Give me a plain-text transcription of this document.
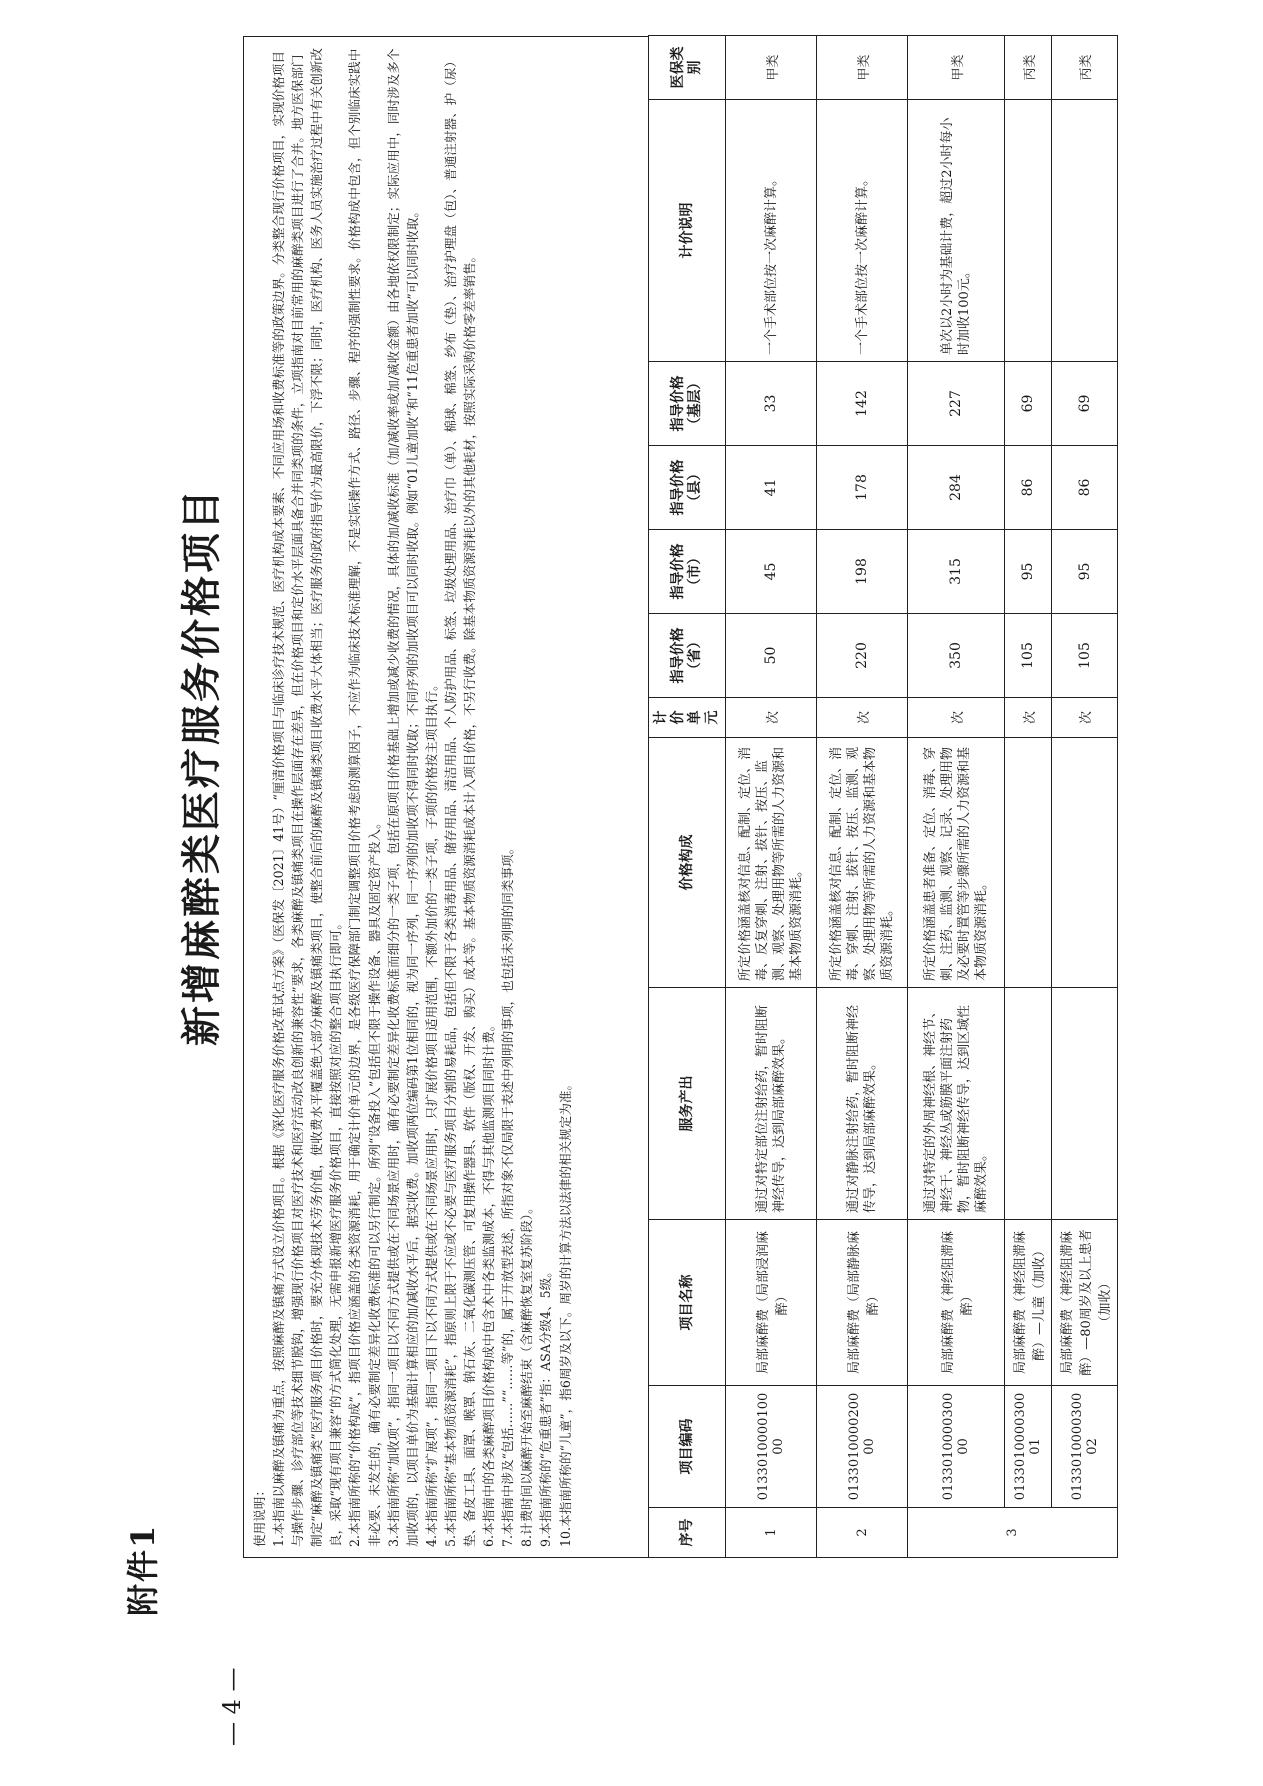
附件1
— 4 —
新增麻醉类医疗服务价格项目

使用说明： 1.本指南以麻醉及镇痛为重点，按照麻醉及镇痛方式设立价格项目。根据《深化医疗服务价格改革试点方案》（医保发〔2021〕41号）“厘清价格项目与临床诊疗技术规范、医疗机构成本要素、不同应用场和收费标准等的政策边界。分类整合现行价格项目，实现价格项目与操作步骤、诊疗部位等技术细节脱钩，增强现行价格项目对医疗技术和医疗活动改良创新的兼容性”要求，各类麻醉及镇痛类项目在操作层面存在差异，但在价格项目和定价水平层面具备合并同类项的条件，立项指南对目前常用的麻醉类项目进行了合并。地方医保部门制定“麻醉及镇痛类”医疗服务项目价格时，要充分体现技术劳务价值，使收费水平覆盖绝大部分麻醉及镇痛类项目，使整合前后的麻醉及镇痛类项目收费水平大体相当；医疗服务的政府指导价为最高限价，下浮不限；同时，医疗机构、医务人员实施治疗过程中有关创新改良，采取“现有项目兼容”的方式简化处理，无需申报新增医疗服务价格项目，直接按照对应的整合项目执行即可。 2.本指南所称的“价格构成”，指项目价格应涵盖的各类资源消耗，用于确定计价单元的边界，是各级医疗保障部门制定调整项目价格考虑的测算因子，不应作为临床技术标准理解，不是实际操作方式、路径、步骤、程序的强制性要求。价格构成中包含，但个别临床实践中非必要、未发生的，确有必要制定差异化收费标准的可以另行制定。所列“设备投入”包括但不限于操作设备、器具及固定资产投入。 3.本指南所称“加收项”，指同一项目以不同方式提供或在不同场景应用时，确有必要制定差异化收费标准而细分的一类子项，包括在原项目价格基础上增加或减少收费的情况，具体的加/减收标准（加/减收率或加/减收金额）由各地依权限制定；实际应用中，同时涉及多个加收项的，以项目单价为基础计算相应的加/减收水平后，据实收费。加收项两位编码第1位相同的，视为同一序列，同一序列的加收项不得同时收取；不同序列的加收项目可以同时收取。例如“01儿童加收”和“11危重患者加收”可以同时收取。 4.本指南所称“扩展项”，指同一项目下以不同方式提供或在不同场景应用时，只扩展价格项目适用范围，不额外加价的一类子项，子项的价格按主项目执行。 5.本指南所称“基本物质资源消耗”，指原则上限于不应或不必要与医疗服务项目分割的易耗品，包括但不限于各类消毒用品、储存用品、清洁用品、个人防护用品、标签、垃圾处理用品、治疗巾（单）、棉球、棉签、纱布（垫）、治疗护理盘（包）、普通注射器、护（尿）垫、备皮工具、面罩、喉罩、钠石灰、二氧化碳测压管、可复用操作器具、软件（版权、开发、购买）成本等。基本物质资源消耗成本计入项目价格，不另行收费。除基本物质资源消耗以外的其他耗材，按照实际采购价格零差率销售。 6.本指南中的各类麻醉项目价格构成中包含术中各类监测成本，不得与其他监测项目同时计费。 7.本指南中涉及“包括……”“……等”的，属于开放型表述，所指对象不仅局限于表述中列明的事项，也包括未列明的同类事项。 8.计费时间以麻醉开始至麻醉结束（含麻醉恢复室复苏阶段）。 9.本指南所称的“危重患者”指：ASA分级4、5级。 10.本指南所称的“儿童”，指6周岁及以下。周岁的计算方法以法律的相关规定为准。	序号	项目编码	项目名称	服务产出	价格构成	计价单元	指导价格（省）	指导价格（市）	指导价格（县）	指导价格（基层）	计价说明	医保类别
1	013301000010000	局部麻醉费（局部浸润麻醉）	通过对特定部位注射给药，暂时阻断神经传导，达到局部麻醉效果。	所定价格涵盖核对信息、配制、定位、消毒、反复穿刺、注射、拔针、按压、监测、观察、处理用物等所需的人力资源和基本物质资源消耗。	次	50	45	41	33	一个手术部位按一次麻醉计算。	甲类
2	013301000020000	局部麻醉费（局部静脉麻醉）	通过对静脉注射给药，暂时阻断神经传导，达到局部麻醉效果。	所定价格涵盖核对信息、配制、定位、消毒、穿刺、注射、拔针、按压、监测、观察、处理用物等所需的人力资源和基本物质资源消耗。	次	220	198	178	142	一个手术部位按一次麻醉计算。	甲类
3	013301000030000	局部麻醉费（神经阻滞麻醉）	通过对特定的外周神经根、神经节、神经干、神经丛或筋膜平面注射药物，暂时阻断神经传导，达到区域性麻醉效果。	所定价格涵盖患者准备、定位、消毒、穿刺、注药、监测、观察、记录、处理用物及必要时置管等步骤所需的人力资源和基本物质资源消耗。	次	350	315	284	227	单次以2小时为基础计费，超过2小时每小时加收100元。	甲类
	013301000030001	局部麻醉费（神经阻滞麻醉）—儿童（加收）			次	105	95	86	69		丙类
	013301000030002	局部麻醉费（神经阻滞麻醉）—80周岁及以上患者（加收）			次	105	95	86	69		丙类
